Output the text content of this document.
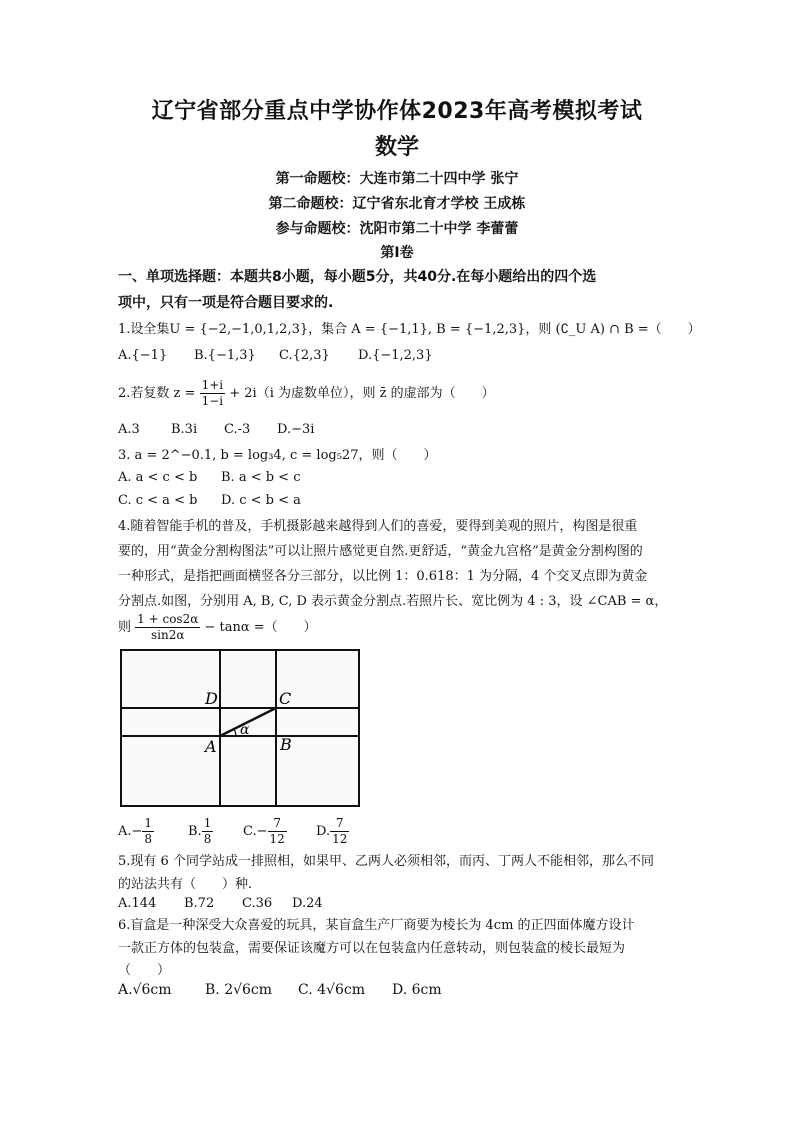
辽宁省部分重点中学协作体2023年高考模拟考试
数学
第一命题校：大连市第二十四中学 张宁
第二命题校：辽宁省东北育才学校 王成栋
参与命题校：沈阳市第二十中学 李蕾蕾
第Ⅰ卷
一、单项选择题：本题共8小题，每小题5分，共40分.在每小题给出的四个选
项中，只有一项是符合题目要求的.
1.设全集U = {−2,−1,0,1,2,3}，集合 A = {−1,1}, B = {−1,2,3}，则 (∁_U A) ∩ B =（　　）
A.{−1} B.{−1,3} C.{2,3} D.{−1,2,3}
2.若复数 $z = \frac{1+i}{1-i} + 2i(i$ 为虚数单位），则 z̄ 的虚部为（　　）
A.3 B.3i C.-3 D.−3i
3. a = 2^−0.1, b = log₃4, c = log₅27，则（　　）
A. a < c < b B. a < b < c
C. c < a < b D. c < b < a
4.随着智能手机的普及，手机摄影越来越得到人们的喜爱，要得到美观的照片，构图是很重
要的，用“黄金分割构图法”可以让照片感觉更自然.更舒适，“黄金九宫格”是黄金分割构图的
一种形式，是指把画面横竖各分三部分，以比例 1：0.618：1 为分隔，4 个交叉点即为黄金
分割点.如图，分别用 A, B, C, D 表示黄金分割点.若照片长、宽比例为 4 : 3，设 ∠CAB = α，
则 $\frac{1 + \cos 2\alpha}{\sin 2\alpha} - \tan\alpha$ =（　　）
D	C
A	B
α
$A.- \frac{1}{8}$	B. $\frac{1}{8} C.- \frac{7}{12} D$. $\frac{7}{12}$
5.现有 6 个同学站成一排照相，如果甲、乙两人必须相邻，而丙、丁两人不能相邻，那么不同
的站法共有（　　）种.
A.144 B.72 C.36 D.24
6.盲盒是一种深受大众喜爱的玩具，某盲盒生产厂商要为棱长为 4cm 的正四面体魔方设计
一款正方体的包装盒，需要保证该魔方可以在包装盒内任意转动，则包装盒的棱长最短为
（　　）
A.√6cm B. 2√6cm C. 4√6cm D. 6cm
